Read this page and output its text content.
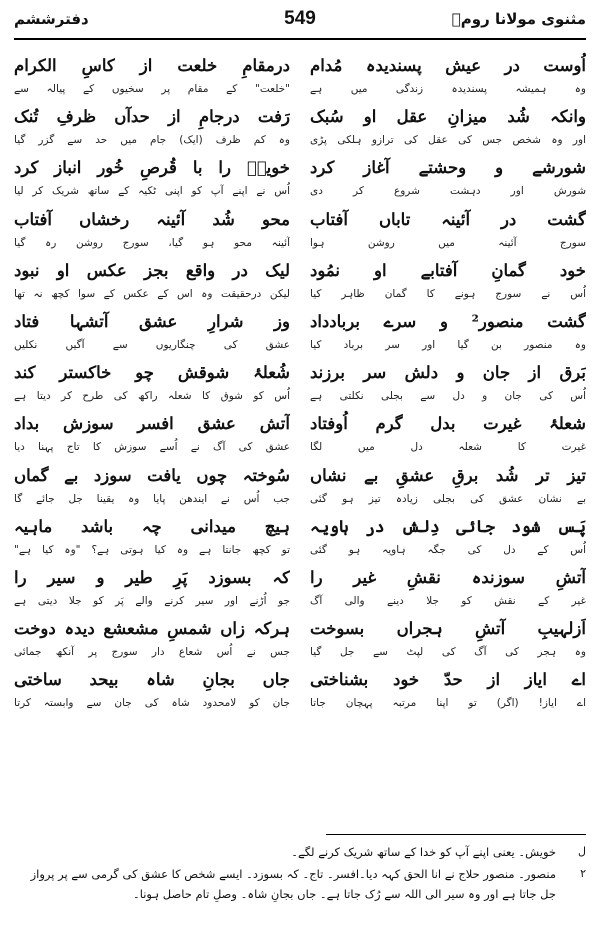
مثنوی مولانا رومؒ
549
دفترششم
اُوست در عیش پسندیدہ مُدام
وہ ہمیشہ پسندیدہ زندگی میں ہے
وانکہ شُد میزانِ عقل او سُبک
اور وہ شخص جس کی عقل کی ترازو ہلکی پڑی
شورشے و وحشتے آغاز کرد
شورش اور دہشت شروع کر دی
گشت در آئینہ تاباں آفتاب
سورج آئینہ میں روشن ہوا
خود گمانِ آفتابے او نمُود
اُس نے سورج ہونے کا گمان ظاہر کیا
گشت منصور² و سرے بربادداد
وہ منصور بن گیا اور سر برباد کیا
بَرق از جان و دلش سر برزند
اُس کی جان و دل سے بجلی نکلتی ہے
شعلۂ غیرت بدل گرم اُوفتاد
غیرت کا شعلہ دل میں لگا
تیز تر شُد برقِ عشقِ بے نشاں
بے نشان عشق کی بجلی زیادہ تیز ہو گئی
پَس شود جائی دِلش در ہاویہ
اُس کے دل کی جگہ ہاویہ ہو گئی
آتشِ سوزندہ نقشِ غیر را
غیر کے نقش کو جلا دینے والی آگ
اَزلہیبِ آتشِ ہجراں بسوخت
وہ ہجر کی آگ کی لپٹ سے جل گیا
اے ایاز از حدّ خود بشناختی
اے ایاز! (اگر) تو اپنا مرتبہ پہچان جاتا
درمقامِ خلعت از کاسِ الکرام
"خلعت" کے مقام پر سخیوں کے پیالہ سے
رَفت درجامِ از حدآں ظرفِ تُنک
وہ کم ظرف (ایک) جام میں حد سے گزر گیا
خویشؔ را با قُرصِ خُور انباز کرد
اُس نے اپنے آپ کو اپنی ٹکیہ کے ساتھ شریک کر لیا
محو شُد آئینہ رخشاں آفتاب
آئینہ محو ہو گیا، سورج روشن رہ گیا
لیک در واقع بجز عکس او نبود
لیکن درحقیقت وہ اس کے عکس کے سوا کچھ نہ تھا
وز شرارِ عشق آتشہا فتاد
عشق کی چنگاریوں سے آگیں نکلیں
شُعلۂ شوقش چو خاکستر کند
اُس کو شوق کا شعلہ راکھ کی طرح کر دیتا ہے
آتش عشق افسر سوزش بداد
عشق کی آگ نے اُسے سوزش کا تاج پہنا دیا
سُوختہ چوں یافت سوزد بے گماں
جب اُس نے ایندھن پایا وہ یقینا جل جائے گا
ہیچ میدانی چہ باشد ماہیہ
تو کچھ جانتا ہے وہ کیا ہوتی ہے؟ "وہ کیا ہے"
کہ بسوزد پَرِ طیر و سیر را
جو اُڑنے اور سیر کرنے والے پَر کو جلا دیتی ہے
ہرکہ زاں شمسِ مشعشع دیدہ دوخت
جس نے اُس شعاع دار سورج پر آنکھ جمائی
جاں بجانِ شاہ بیحد ساختی
جان کو لامحدود شاہ کی جان سے وابستہ کرتا
ل
خویش۔ یعنی اپنے آپ کو خدا کے ساتھ شریک کرنے لگے۔
٢
منصور۔ منصور حلاج نے انا الحق کہہ دیا۔افسر۔ تاج۔ کہ بسوزد۔ ایسے شخص کا عشق کی گرمی سے پر پرواز جل جاتا ہے اور وہ سیر الی اللہ سے رُک جاتا ہے۔ جاں بجانِ شاہ۔ وصلِ تام حاصل ہونا۔
